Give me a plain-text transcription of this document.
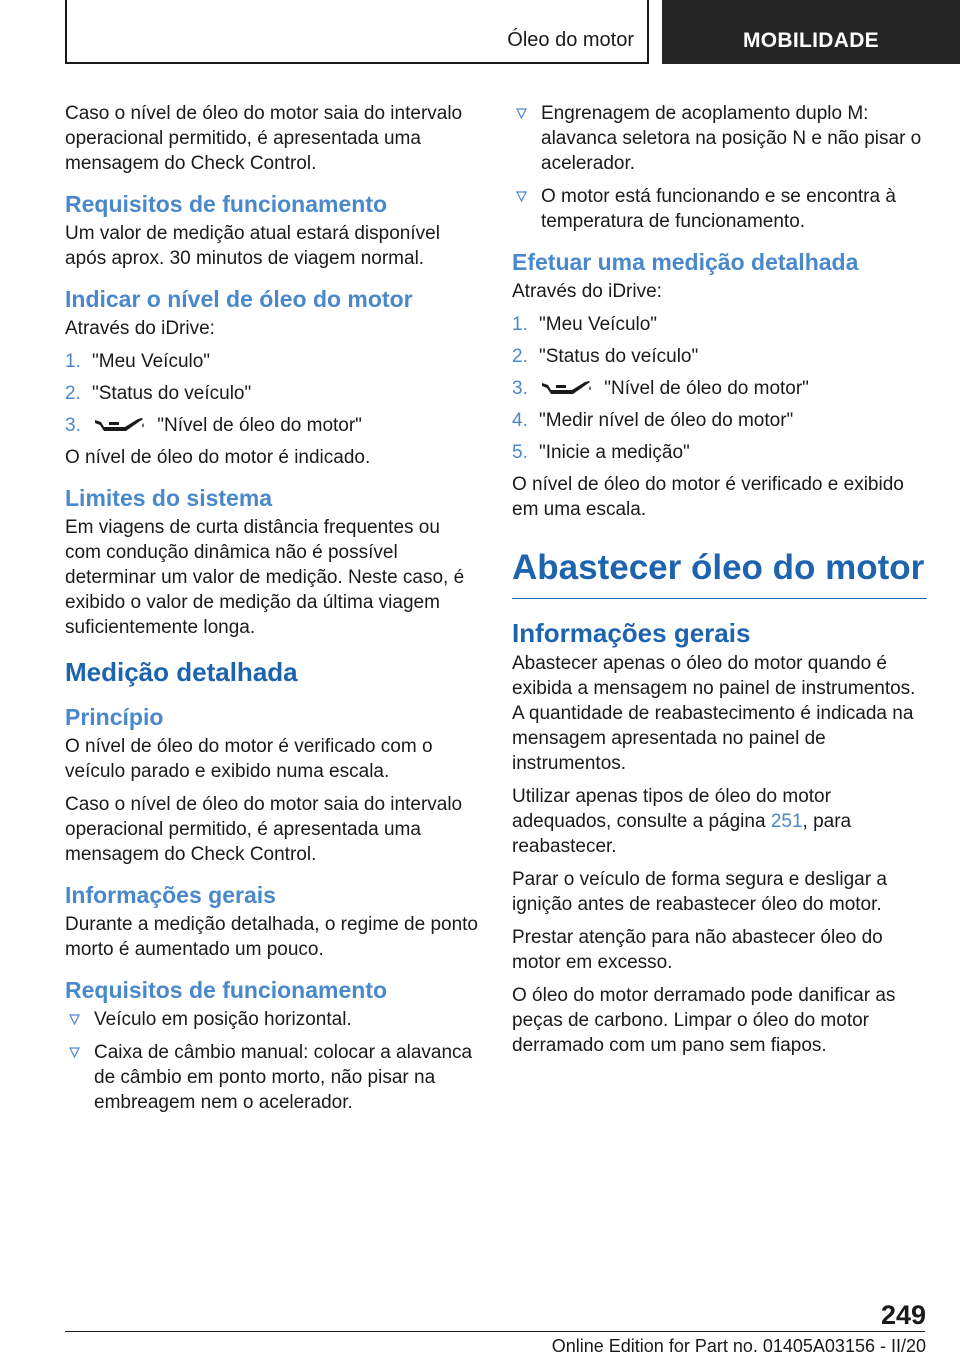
Óleo do motor	MOBILIDADE

Caso o nível de óleo do motor saia do intervalo operacional permitido, é apresentada uma mensagem do Check Control.

Requisitos de funcionamento

Um valor de medição atual estará disponível após aprox. 30 minutos de viagem normal.

Indicar o nível de óleo do motor

Através do iDrive:

1. "Meu Veículo"
2. "Status do veículo"
3.	"Nível de óleo do motor"

O nível de óleo do motor é indicado.

Limites do sistema

Em viagens de curta distância frequentes ou com condução dinâmica não é possível determinar um valor de medição. Neste caso, é exibido o valor de medição da última viagem suficientemente longa.

Medição detalhada
Princípio

O nível de óleo do motor é verificado com o veículo parado e exibido numa escala.

Caso o nível de óleo do motor saia do intervalo operacional permitido, é apresentada uma mensagem do Check Control.

Informações gerais

Durante a medição detalhada, o regime de ponto morto é aumentado um pouco.

Requisitos de funcionamento
Veículo em posição horizontal.
Caixa de câmbio manual: colocar a alavanca de câmbio em ponto morto, não pisar na embreagem nem o acelerador.
Engrenagem de acoplamento duplo M: alavanca seletora na posição N e não pisar o acelerador.
O motor está funcionando e se encontra à temperatura de funcionamento.
Efetuar uma medição detalhada

Através do iDrive:

1. "Meu Veículo"
2. "Status do veículo"
3.	"Nível de óleo do motor"
4. "Medir nível de óleo do motor"
5. "Inicie a medição"

O nível de óleo do motor é verificado e exibido em uma escala.

Abastecer óleo do motor
Informações gerais

Abastecer apenas o óleo do motor quando é exibida a mensagem no painel de instrumentos. A quantidade de reabastecimento é indicada na mensagem apresentada no painel de instrumentos.

Utilizar apenas tipos de óleo do motor adequados, consulte a página 251, para reabastecer.

Parar o veículo de forma segura e desligar a ignição antes de reabastecer óleo do motor.

Prestar atenção para não abastecer óleo do motor em excesso.

O óleo do motor derramado pode danificar as peças de carbono. Limpar o óleo do motor derramado com um pano sem fiapos.

249
Online Edition for Part no. 01405A03156 - II/20
